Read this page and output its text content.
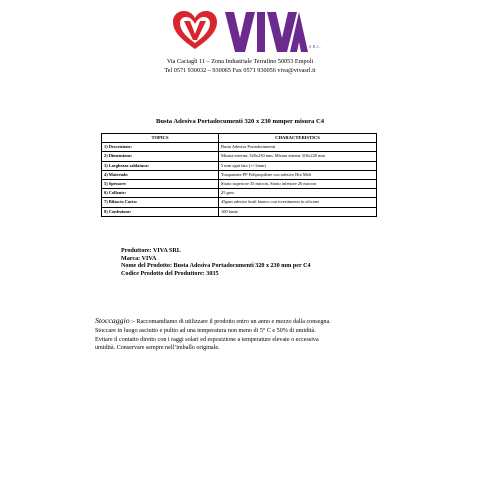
S.R.L.
Via Caciagli 11 – Zona Industriale Terrafino 50053 Empoli
Tel 0571 930032 – 930065 Fax 0571 930056 viva@vivasrl.it
Busta Adesiva Portadocumenti 320 x 230 mmper misura C4
TOPICS	CHARACTERISTICS
1) Descrizione:	Busta Adesiva Portadocumenti
2) Dimensione:	Misura esterna: 320x230 mm, Misura interna 310x220 mm
3) Larghezza saldatura:	5 mm ogni lato (+/-2mm)
4) Materiale:	Trasparente PP Polipropilene con adesivo Hot Melt
5) Spessore:	Strato superiore 35 micron, Strato inferiore 26 micron
6) Collante:	25 gsm
7) Rilascio Carta:	45gsm adesivo kraft bianco con rivestimento in silicone
8) Confezione:	100 buste
Produttore: VIVA SRL
Marca: VIVA
Nome del Prodotto: Busta Adesiva Portadocumenti 320 x 230 mm per C4
Codice Prodotto del Produttore: 3035
Stoccaggio :- Raccomandiamo di utilizzare il prodotto entro un anno e mezzo dalla consegna.
Stoccare in luogo asciutto e pulito ad una temperatura non meno di 5° C e 50% di umidità.
Evitare il contatto diretto con i raggi solari ed esposizione a temperature elevate o eccessiva
umidità. Conservare sempre nell’imballo originale.
